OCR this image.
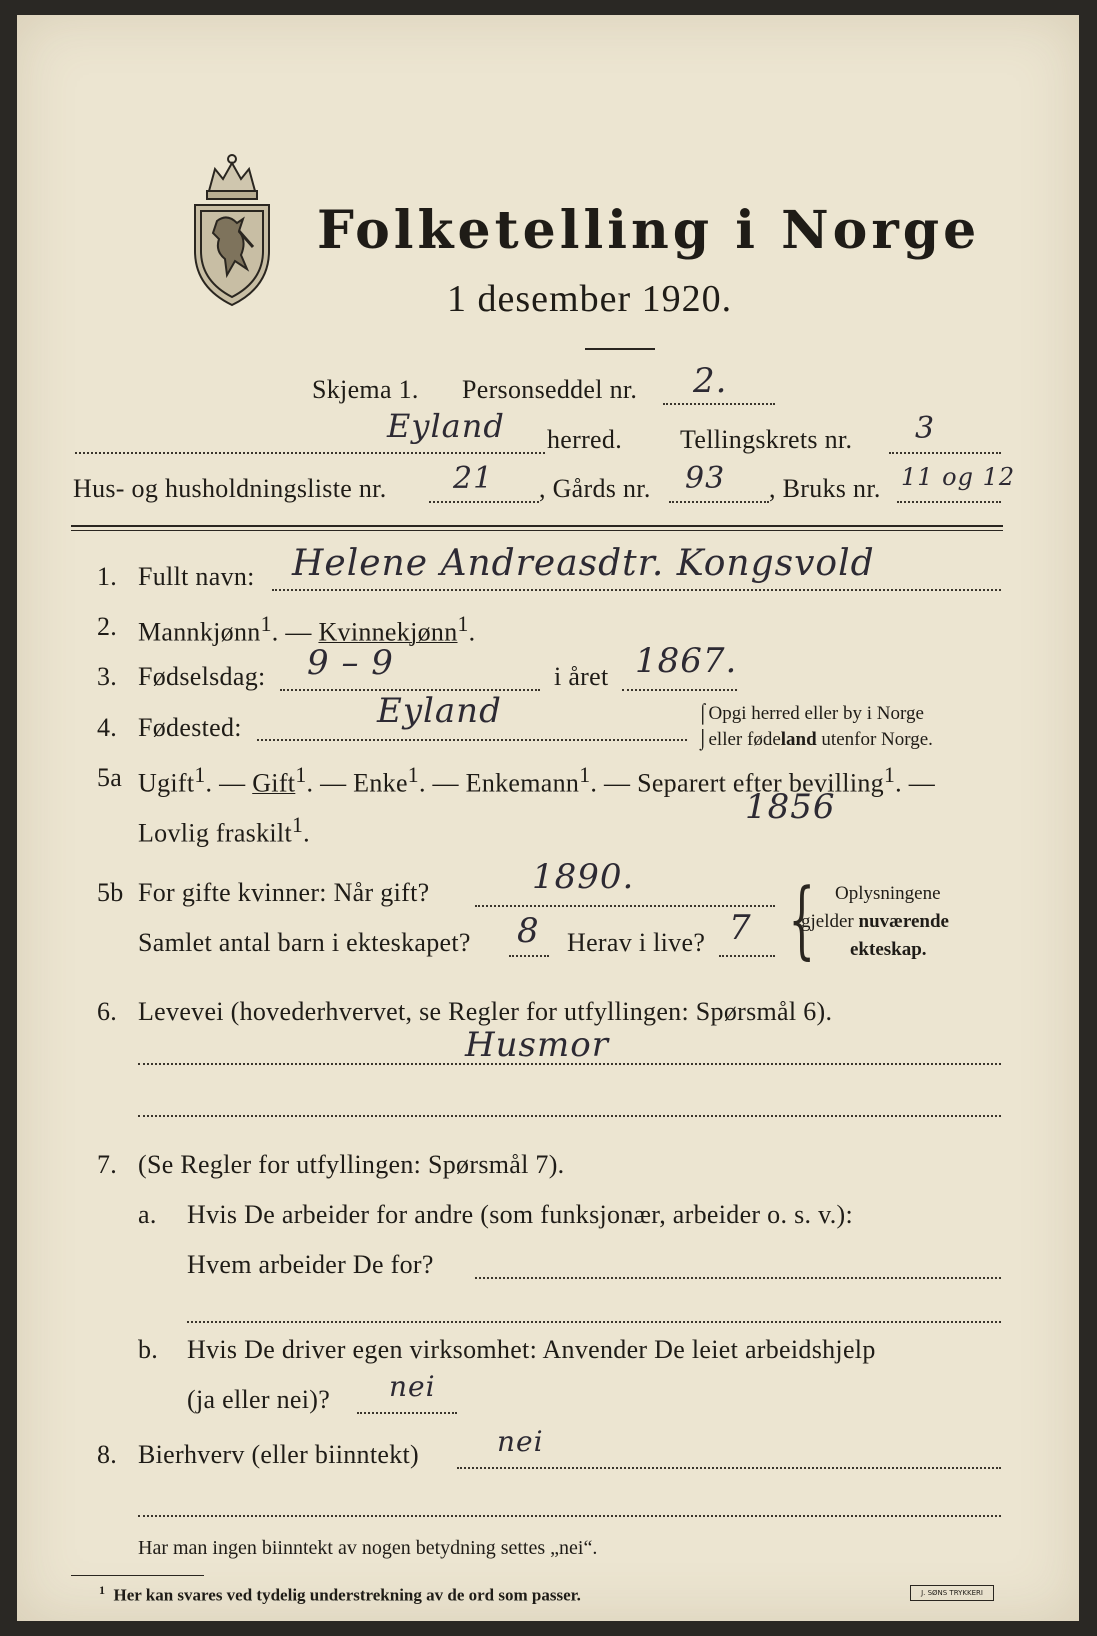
Folketelling i Norge
1 desember 1920.
Skjema 1. Personseddel nr. 2.
Eyland herred. Tellingskrets nr. 3
Hus- og husholdningsliste nr. 21 , Gårds nr. 93 , Bruks nr. 11 og 12
1. Fullt navn: Helene Andreasdtr. Kongsvold
2. Mannkjønn$^1$. — Kvinnekjønn$^1$.
3. Fødselsdag: 9 – 9	i året 1867.
4. Fødested:	Eyland	⌠Opgi herred eller by i Norge
⌡eller fødeland utenfor Norge.
5a Ugift$^1$. — Gift$^1$. — Enke$^1$. — Enkemann$^1$. — Separert efter bevilling$^1$. —
Lovlig fraskilt$^1$.
1856
5b For gifte kvinner: Når gift?	1890.
Samlet antal barn i ekteskapet? 8 Herav i live? 7 { Oplysningene
gjelder nuværende
ekteskap.
6. Levevei (hovederhvervet, se Regler for utfyllingen: Spørsmål 6).
Husmor
7. (Se Regler for utfyllingen: Spørsmål 7).
a. Hvis De arbeider for andre (som funksjonær, arbeider o. s. v.):
Hvem arbeider De for?
b. Hvis De driver egen virksomhet: Anvender De leiet arbeidshjelp
(ja eller nei)? nei
8. Bierhverv (eller biinntekt)	nei
Har man ingen biinntekt av nogen betydning settes „nei“.
$^1$ Her kan svares ved tydelig understrekning av de ord som passer.	J. SØNS TRYKKERI
